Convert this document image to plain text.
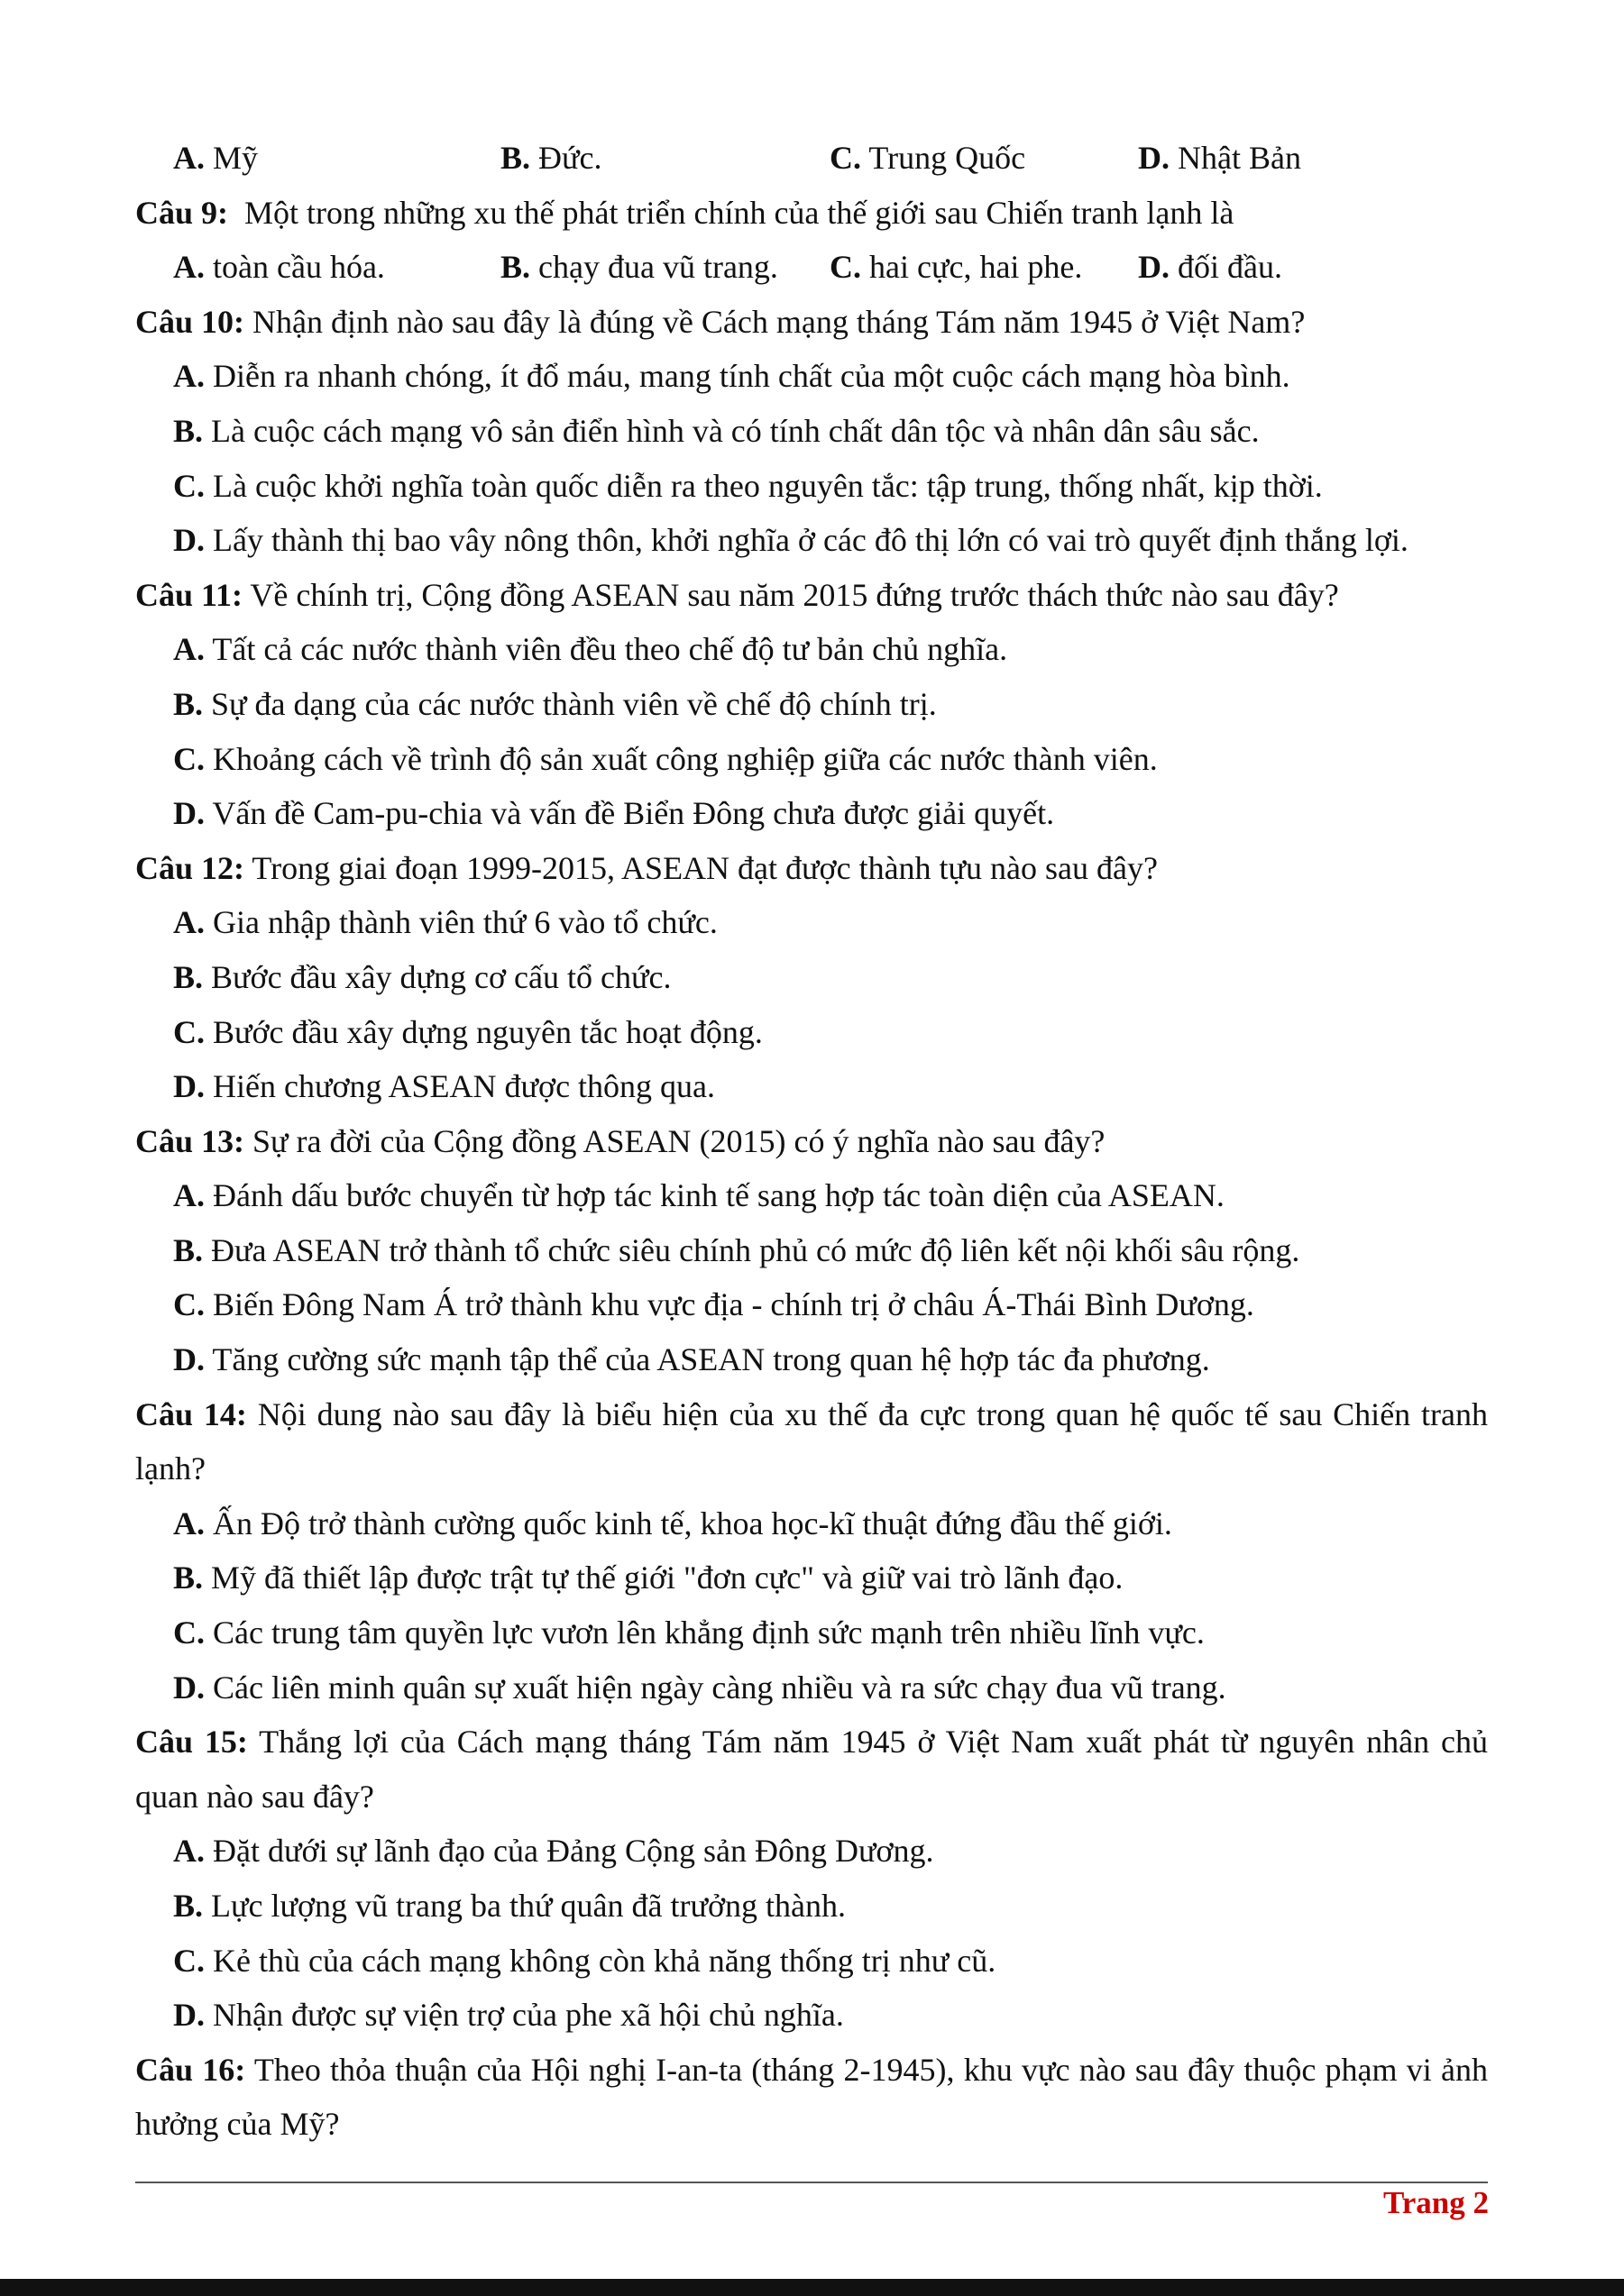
A. Mỹ	B. Đức.	C. Trung Quốc	D. Nhật Bản
Câu 9: Một trong những xu thế phát triển chính của thế giới sau Chiến tranh lạnh là
A. toàn cầu hóa.	B. chạy đua vũ trang. C. hai cực, hai phe. D. đối đầu.
Câu 10: Nhận định nào sau đây là đúng về Cách mạng tháng Tám năm 1945 ở Việt Nam?
A. Diễn ra nhanh chóng, ít đổ máu, mang tính chất của một cuộc cách mạng hòa bình.
B. Là cuộc cách mạng vô sản điển hình và có tính chất dân tộc và nhân dân sâu sắc.
C. Là cuộc khởi nghĩa toàn quốc diễn ra theo nguyên tắc: tập trung, thống nhất, kịp thời.
D. Lấy thành thị bao vây nông thôn, khởi nghĩa ở các đô thị lớn có vai trò quyết định thắng lợi.
Câu 11: Về chính trị, Cộng đồng ASEAN sau năm 2015 đứng trước thách thức nào sau đây?
A. Tất cả các nước thành viên đều theo chế độ tư bản chủ nghĩa.
B. Sự đa dạng của các nước thành viên về chế độ chính trị.
C. Khoảng cách về trình độ sản xuất công nghiệp giữa các nước thành viên.
D. Vấn đề Cam-pu-chia và vấn đề Biển Đông chưa được giải quyết.
Câu 12: Trong giai đoạn 1999-2015, ASEAN đạt được thành tựu nào sau đây?
A. Gia nhập thành viên thứ 6 vào tổ chức.
B. Bước đầu xây dựng cơ cấu tổ chức.
C. Bước đầu xây dựng nguyên tắc hoạt động.
D. Hiến chương ASEAN được thông qua.
Câu 13: Sự ra đời của Cộng đồng ASEAN (2015) có ý nghĩa nào sau đây?
A. Đánh dấu bước chuyển từ hợp tác kinh tế sang hợp tác toàn diện của ASEAN.
B. Đưa ASEAN trở thành tổ chức siêu chính phủ có mức độ liên kết nội khối sâu rộng.
C. Biến Đông Nam Á trở thành khu vực địa - chính trị ở châu Á-Thái Bình Dương.
D. Tăng cường sức mạnh tập thể của ASEAN trong quan hệ hợp tác đa phương.
Câu 14: Nội dung nào sau đây là biểu hiện của xu thế đa cực trong quan hệ quốc tế sau Chiến tranh lạnh?
A. Ấn Độ trở thành cường quốc kinh tế, khoa học-kĩ thuật đứng đầu thế giới.
B. Mỹ đã thiết lập được trật tự thế giới "đơn cực" và giữ vai trò lãnh đạo.
C. Các trung tâm quyền lực vươn lên khẳng định sức mạnh trên nhiều lĩnh vực.
D. Các liên minh quân sự xuất hiện ngày càng nhiều và ra sức chạy đua vũ trang.
Câu 15: Thắng lợi của Cách mạng tháng Tám năm 1945 ở Việt Nam xuất phát từ nguyên nhân chủ quan nào sau đây?
A. Đặt dưới sự lãnh đạo của Đảng Cộng sản Đông Dương.
B. Lực lượng vũ trang ba thứ quân đã trưởng thành.
C. Kẻ thù của cách mạng không còn khả năng thống trị như cũ.
D. Nhận được sự viện trợ của phe xã hội chủ nghĩa.
Câu 16: Theo thỏa thuận của Hội nghị I-an-ta (tháng 2-1945), khu vực nào sau đây thuộc phạm vi ảnh hưởng của Mỹ?
Trang 2
